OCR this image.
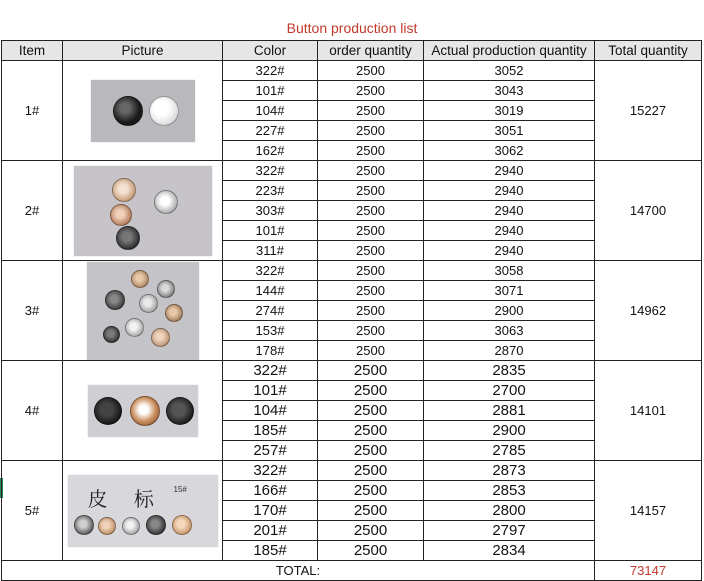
Button production list
Item	Picture	Color	order quantity	Actual production quantity	Total quantity
1#		322#	2500	3052	15227
		101#	2500	3043	
		104#	2500	3019	
		227#	2500	3051	
		162#	2500	3062	
2#		322#	2500	2940	14700
		223#	2500	2940	
		303#	2500	2940	
		101#	2500	2940	
		311#	2500	2940	
3#		322#	2500	3058	14962
		144#	2500	3071	
		274#	2500	2900	
		153#	2500	3063	
		178#	2500	2870	
4#		322#	2500	2835	14101
		101#	2500	2700	
		104#	2500	2881	
		185#	2500	2900	
		257#	2500	2785	
5#	皮 标 15#	322#	2500	2873	14157
		166#	2500	2853	
		170#	2500	2800	
		201#	2500	2797	
		185#	2500	2834	
TOTAL:					73147
